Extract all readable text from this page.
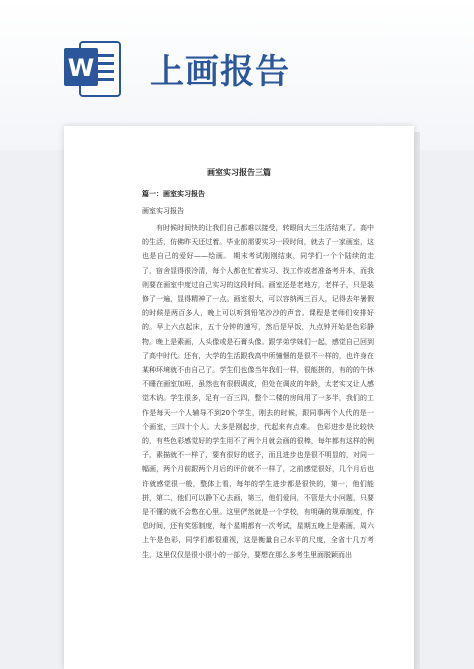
W 上画报告
画室实习报告三篇
篇一：画室实习报告
画室实习报告

有时候时间快的让我们自己都难以接受，转眼间大三生活结束了。高中的生活，仿佛昨天还过着。毕业前需要实习一段时间，就去了一家画室，这也是自己的爱好——绘画。 期末考试刚刚结束，同学们一个个陆续的走了，宿舍显得很冷清，每个人都在忙着实习、找工作或者准备考升本，而我则要在画室中度过自己实习的这段时间。画室还是老地方，老样子，只是装修了一遍，显得精神了一点。画室很大，可以容纳两三百人，记得去年暑假的时候是两百多人，晚上可以听到铅笔沙沙的声音。课程是老师们安排好的。早上六点起床，五十分钟的速写，然后是早饭，九点钟开始是色彩静物。晚上是素画，人头像或是石膏头像。跟学弟学妹们一起，感觉自己回到了高中时代。还有，大学的生活跟我高中所憧憬的是很不一样的，也许身在某种环境就不由自己了。学生们也像当年我们一样，很能拼的，有的的午休不睡在画室加班，虽然也有很假调皮，但处在调皮的年龄，太老实又让人感觉木讷。学生很多，足有一百三四，整个二楼的房间用了一多半，我们的工作是每天一个人辅导不到20个学生，刚去的时候，跟同事两个人代的是一个画室，三四十个人。大多是刚起步，代起来有点难。 色彩进步是比较快的，有些色彩感觉好的学生用不了两个月就会画的很棒，每年都有这样的例子，素描就不一样了，要有很好的底子，而且进步也是很不明显的，对同一幅画，两个月前跟两个月后的评价就不一样了，之前感觉很好，几个月后也许就感觉很一般，整体上看，每年的学生进步都是很快的，第一，他们能拼，第二，他们可以静下心去画，第三，他们爱问，不管是大小问题，只要是不懂的就不会憋在心里。这里俨然就是一个学校，有明确的规章制度，作息时间，还有奖惩制度，每个星期都有一次考试，星期五晚上是素画，周六上午是色彩，同学们都很重视，这是衡量自己水平的尺度，全省十几万考生，这里仅仅是很小很小的一部分，要想在那么多考生里面脱颖而出
